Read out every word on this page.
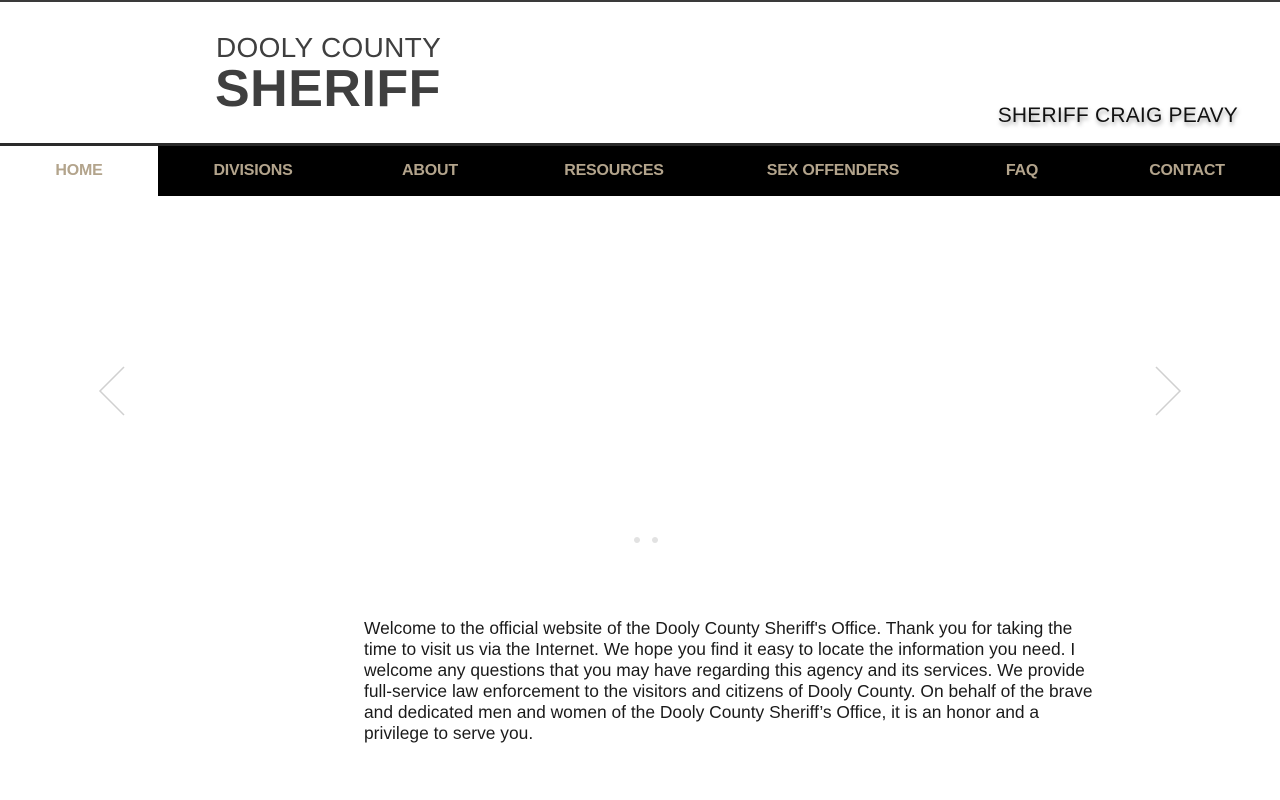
DOOLY COUNTY
SHERIFF	SHERIFF CRAIG PEAVY
HOME	DIVISIONS	ABOUT	RESOURCES	SEX OFFENDERS	FAQ	CONTACT

Welcome to the official website of the Dooly County Sheriff's Office. Thank you for taking the time to visit us via the Internet. We hope you find it easy to locate the information you need. I welcome any questions that you may have regarding this agency and its services. We provide full-service law enforcement to the visitors and citizens of Dooly County. On behalf of the brave and dedicated men and women of the Dooly County Sheriff’s Office, it is an honor and a privilege to serve you.
